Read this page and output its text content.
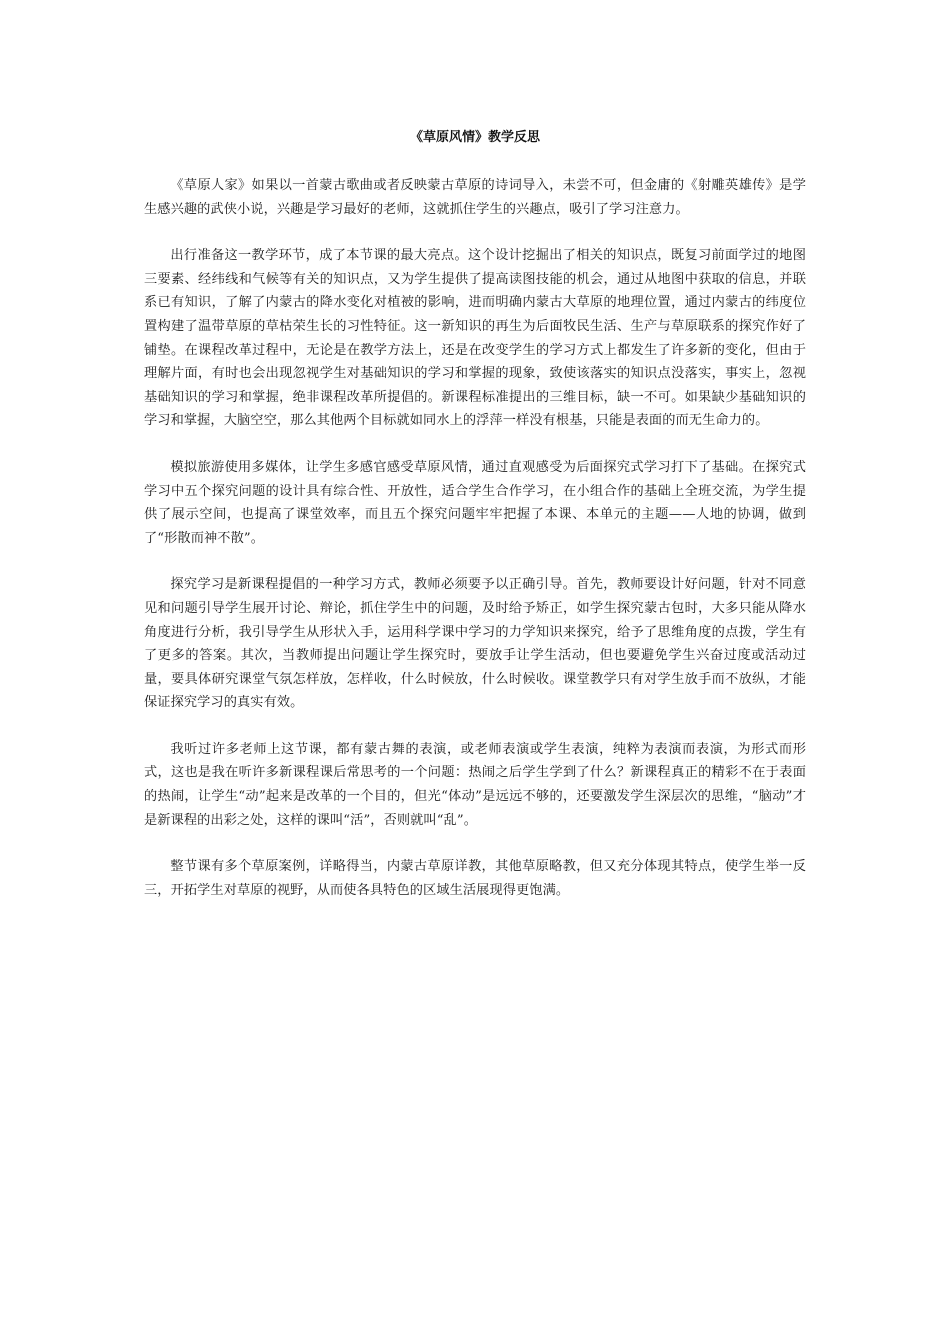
《草原风情》教学反思

《草原人家》如果以一首蒙古歌曲或者反映蒙古草原的诗词导入，未尝不可，但金庸的《射雕英雄传》是学生感兴趣的武侠小说，兴趣是学习最好的老师，这就抓住学生的兴趣点，吸引了学习注意力。

出行准备这一教学环节，成了本节课的最大亮点。这个设计挖掘出了相关的知识点，既复习前面学过的地图三要素、经纬线和气候等有关的知识点，又为学生提供了提高读图技能的机会，通过从地图中获取的信息，并联系已有知识，了解了内蒙古的降水变化对植被的影响，进而明确内蒙古大草原的地理位置，通过内蒙古的纬度位置构建了温带草原的草枯荣生长的习性特征。这一新知识的再生为后面牧民生活、生产与草原联系的探究作好了铺垫。在课程改革过程中，无论是在教学方法上，还是在改变学生的学习方式上都发生了许多新的变化，但由于理解片面，有时也会出现忽视学生对基础知识的学习和掌握的现象，致使该落实的知识点没落实，事实上，忽视基础知识的学习和掌握，绝非课程改革所提倡的。新课程标准提出的三维目标，缺一不可。如果缺少基础知识的学习和掌握，大脑空空，那么其他两个目标就如同水上的浮萍一样没有根基，只能是表面的而无生命力的。

模拟旅游使用多媒体，让学生多感官感受草原风情，通过直观感受为后面探究式学习打下了基础。在探究式学习中五个探究问题的设计具有综合性、开放性，适合学生合作学习，在小组合作的基础上全班交流，为学生提供了展示空间，也提高了课堂效率，而且五个探究问题牢牢把握了本课、本单元的主题——人地的协调，做到了“形散而神不散”。

探究学习是新课程提倡的一种学习方式，教师必须要予以正确引导。首先，教师要设计好问题，针对不同意见和问题引导学生展开讨论、辩论，抓住学生中的问题，及时给予矫正，如学生探究蒙古包时，大多只能从降水角度进行分析，我引导学生从形状入手，运用科学课中学习的力学知识来探究，给予了思维角度的点拨，学生有了更多的答案。其次，当教师提出问题让学生探究时，要放手让学生活动，但也要避免学生兴奋过度或活动过量，要具体研究课堂气氛怎样放，怎样收，什么时候放，什么时候收。课堂教学只有对学生放手而不放纵，才能保证探究学习的真实有效。

我听过许多老师上这节课，都有蒙古舞的表演，或老师表演或学生表演，纯粹为表演而表演，为形式而形式，这也是我在听许多新课程课后常思考的一个问题：热闹之后学生学到了什么？新课程真正的精彩不在于表面的热闹，让学生“动”起来是改革的一个目的，但光“体动”是远远不够的，还要激发学生深层次的思维，“脑动”才是新课程的出彩之处，这样的课叫“活”，否则就叫“乱”。

整节课有多个草原案例，详略得当，内蒙古草原详教，其他草原略教，但又充分体现其特点，使学生举一反三，开拓学生对草原的视野，从而使各具特色的区域生活展现得更饱满。
